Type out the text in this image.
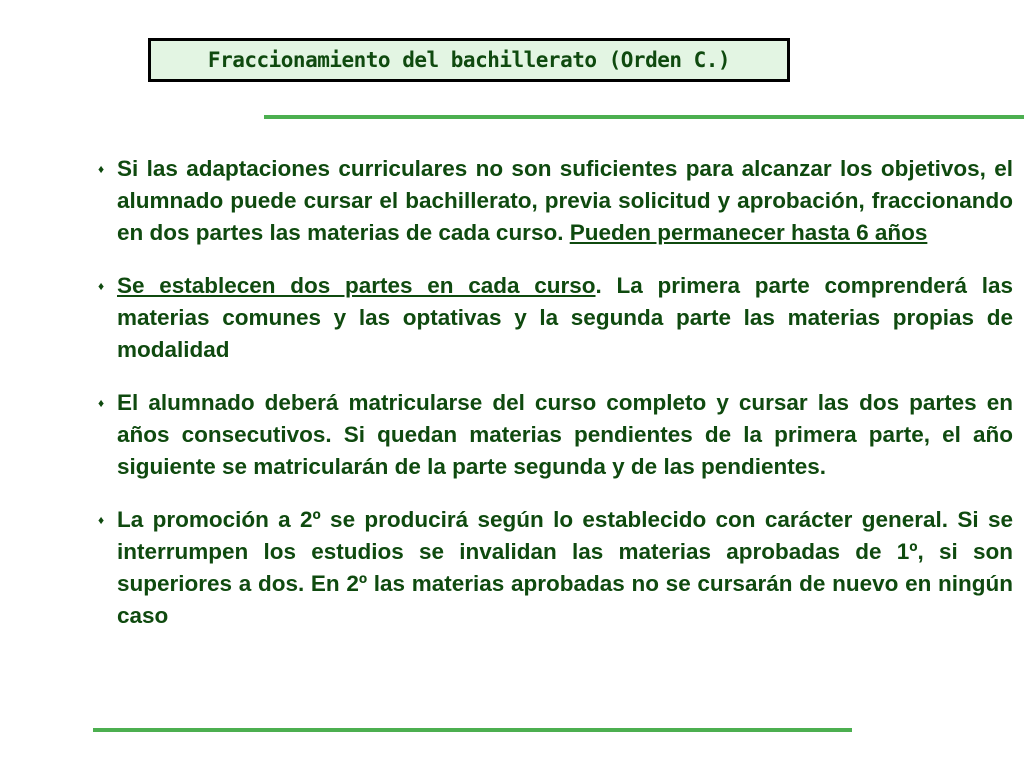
Fraccionamiento del bachillerato (Orden C.)
♦ Si las adaptaciones curriculares no son suficientes para alcanzar los objetivos, el alumnado puede cursar el bachillerato, previa solicitud y aprobación, fraccionando en dos partes las materias de cada curso. Pueden permanecer hasta 6 años
♦ Se establecen dos partes en cada curso. La primera parte comprenderá las materias comunes y las optativas y la segunda parte las materias propias de modalidad
♦ El alumnado deberá matricularse del curso completo y cursar las dos partes en años consecutivos. Si quedan materias pendientes de la primera parte, el año siguiente se matricularán de la parte segunda y de las pendientes.
♦ La promoción a 2º se producirá según lo establecido con carácter general. Si se interrumpen los estudios se invalidan las materias aprobadas de 1º, si son superiores a dos. En 2º las materias aprobadas no se cursarán de nuevo en ningún caso
